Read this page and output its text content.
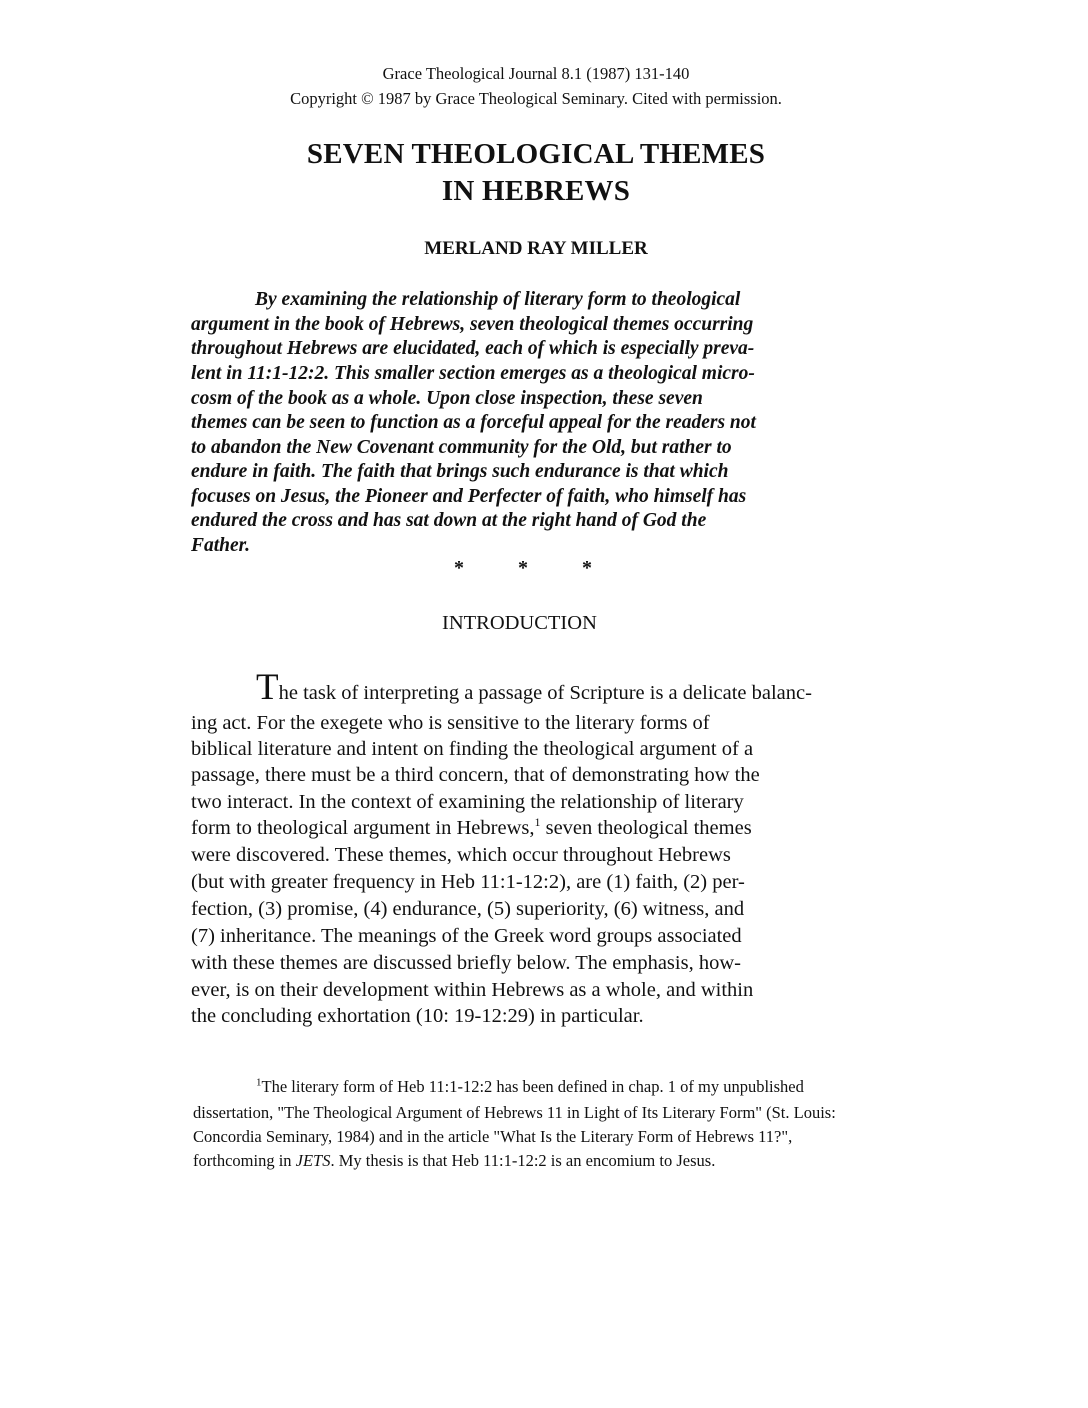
Grace Theological Journal 8.1 (1987) 131-140
Copyright © 1987 by Grace Theological Seminary. Cited with permission.
SEVEN THEOLOGICAL THEMES
IN HEBREWS
MERLAND RAY MILLER
By examining the relationship of literary form to theological
argument in the book of Hebrews, seven theological themes occurring
throughout Hebrews are elucidated, each of which is especially preva-
lent in 11:1-12:2. This smaller section emerges as a theological micro-
cosm of the book as a whole. Upon close inspection, these seven
themes can be seen to function as a forceful appeal for the readers not
to abandon the New Covenant community for the Old, but rather to
endure in faith. The faith that brings such endurance is that which
focuses on Jesus, the Pioneer and Perfecter of faith, who himself has
endured the cross and has sat down at the right hand of God the
Father.
*	*	*
INTRODUCTION
The task of interpreting a passage of Scripture is a delicate balanc-
ing act. For the exegete who is sensitive to the literary forms of
biblical literature and intent on finding the theological argument of a
passage, there must be a third concern, that of demonstrating how the
two interact. In the context of examining the relationship of literary
form to theological argument in Hebrews,$^1$ seven theological themes
were discovered. These themes, which occur throughout Hebrews
(but with greater frequency in Heb 11:1-12:2), are (1) faith, (2) per-
fection, (3) promise, (4) endurance, (5) superiority, (6) witness, and
(7) inheritance. The meanings of the Greek word groups associated
with these themes are discussed briefly below. The emphasis, how-
ever, is on their development within Hebrews as a whole, and within
the concluding exhortation (10: 19-12:29) in particular.
$^1$The literary form of Heb 11:1-12:2 has been defined in chap. 1 of my unpublished
dissertation, "The Theological Argument of Hebrews 11 in Light of Its Literary Form" (St. Louis:
Concordia Seminary, 1984) and in the article "What Is the Literary Form of Hebrews 11?",
forthcoming in JETS. My thesis is that Heb 11:1-12:2 is an encomium to Jesus.
